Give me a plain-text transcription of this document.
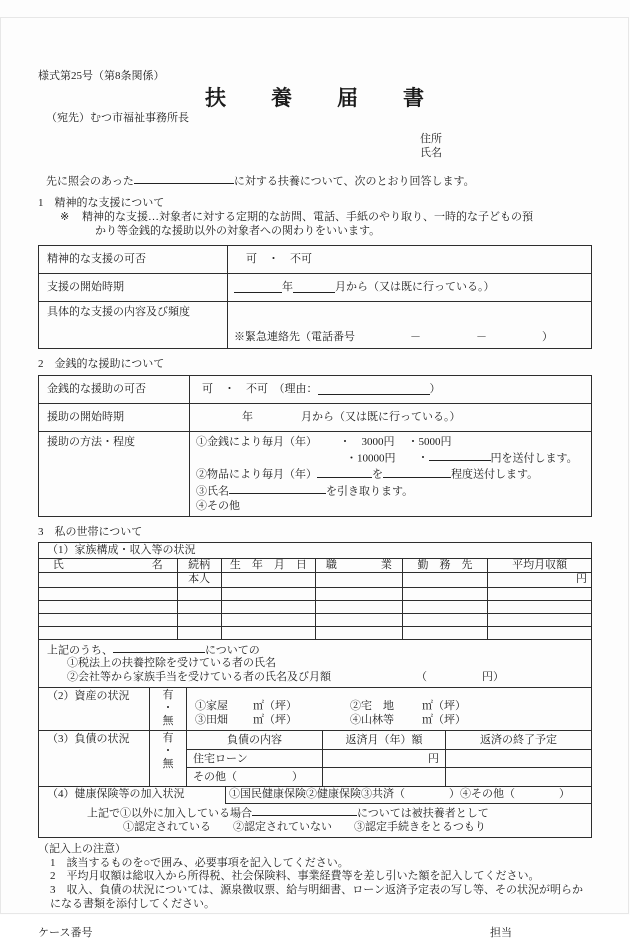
様式第25号（第8条関係）
扶　　養　　届　　書
（宛先）むつ市福祉事務所長
住所
氏名
先に照会のあった	に対する扶養について、次のとおり回答します。
1　精神的な支援について
※	精神的な支援…対象者に対する定期的な訪問、電話、手紙のやり取り、一時的な子どもの預
かり等金銭的な援助以外の対象者への関わりをいいます。
精神的な支援の可否	可　・　不可
支援の開始時期	年	月から（又は既に行っている。）
具体的な支援の内容及び頻度
※緊急連絡先（電話番号　　　　　－　　　　　－　　　　　）
2　金銭的な援助について
金銭的な援助の可否	可　・　不可　（理由：	）
援助の開始時期	年	月から（又は既に行っている。）
援助の方法・程度	①金銭により毎月（年）	・　3000円 ・5000円
・10000円 ・	円を送付します。
②物品により毎月（年）	を	程度送付します。
③氏名	を引き取ります。
④その他
3　私の世帯について
（1）家族構成・収入等の状況
氏　　　　　　　　名	続柄	生　年　月　日	職　　　　業	勤　務　先	平均月収額
	本人				円

上記のうち、	についての
①税法上の扶養控除を受けている者の氏名
②会社等から家族手当を受けている者の氏名及び月額	（　　　　　円）
（2）資産の状況	有
・
無
①家屋 ㎡（坪）	②宅　地	㎡（坪）
③田畑 ㎡（坪）	④山林等	㎡（坪）
（3）負債の状況	有
・
無
負債の内容	返済月（年）額	返済の終了予定
住宅ローン	円
その他（　　　　　）
（4）健康保険等の加入状況	①国民健康保険②健康保険③共済（　　　　）④その他（　　　　）
上記で①以外に加入している場合	については被扶養者として
①認定されている　　②認定されていない　　③認定手続きをとるつもり
（記入上の注意）
1　該当するものを○で囲み、必要事項を記入してください。
2　平均月収額は総収入から所得税、社会保険料、事業経費等を差し引いた額を記入してください。
3　収入、負債の状況については、源泉徴収票、給与明細書、ローン返済予定表の写し等、その状況が明らかになる書類を添付してください。
ケース番号	担当
